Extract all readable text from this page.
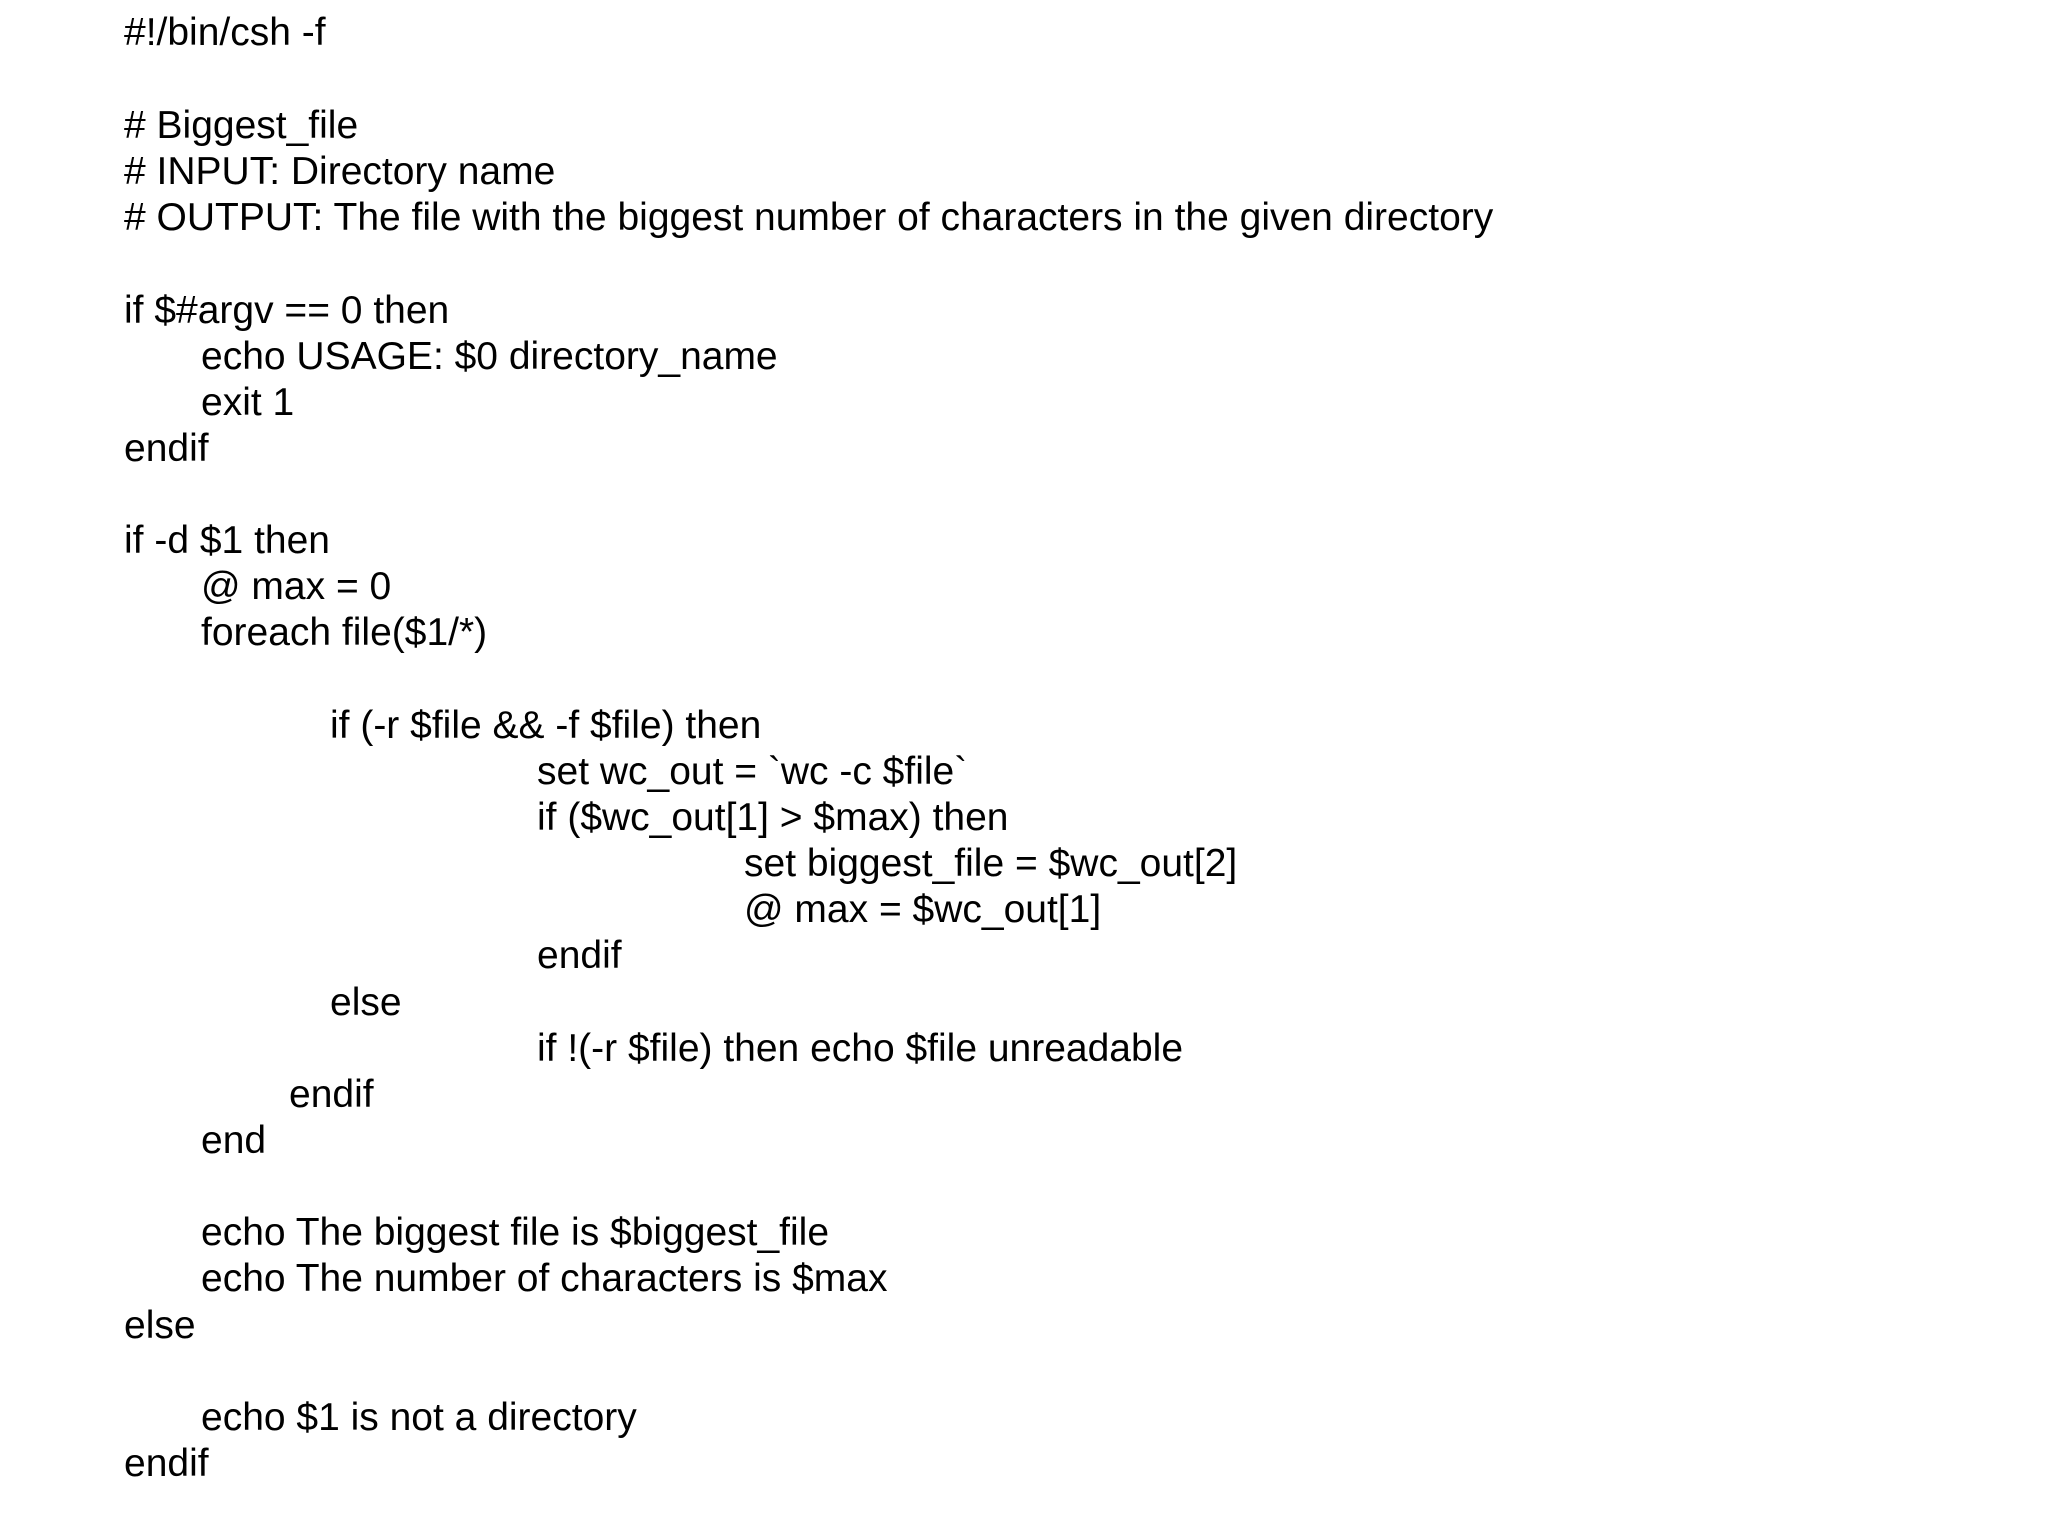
#!/bin/csh -f
# Biggest_file
# INPUT: Directory name
# OUTPUT: The file with the biggest number of characters in the given directory
if $#argv == 0 then
echo USAGE: $0 directory_name
exit 1
endif
if -d $1 then
@ max = 0
foreach file($1/*)
if (-r $file && -f $file) then
set wc_out = `wc -c $file`
if ($wc_out[1] > $max) then
set biggest_file = $wc_out[2]
@ max = $wc_out[1]
endif
else
if !(-r $file) then echo $file unreadable
endif
end
echo The biggest file is $biggest_file
echo The number of characters is $max
else
echo $1 is not a directory
endif
